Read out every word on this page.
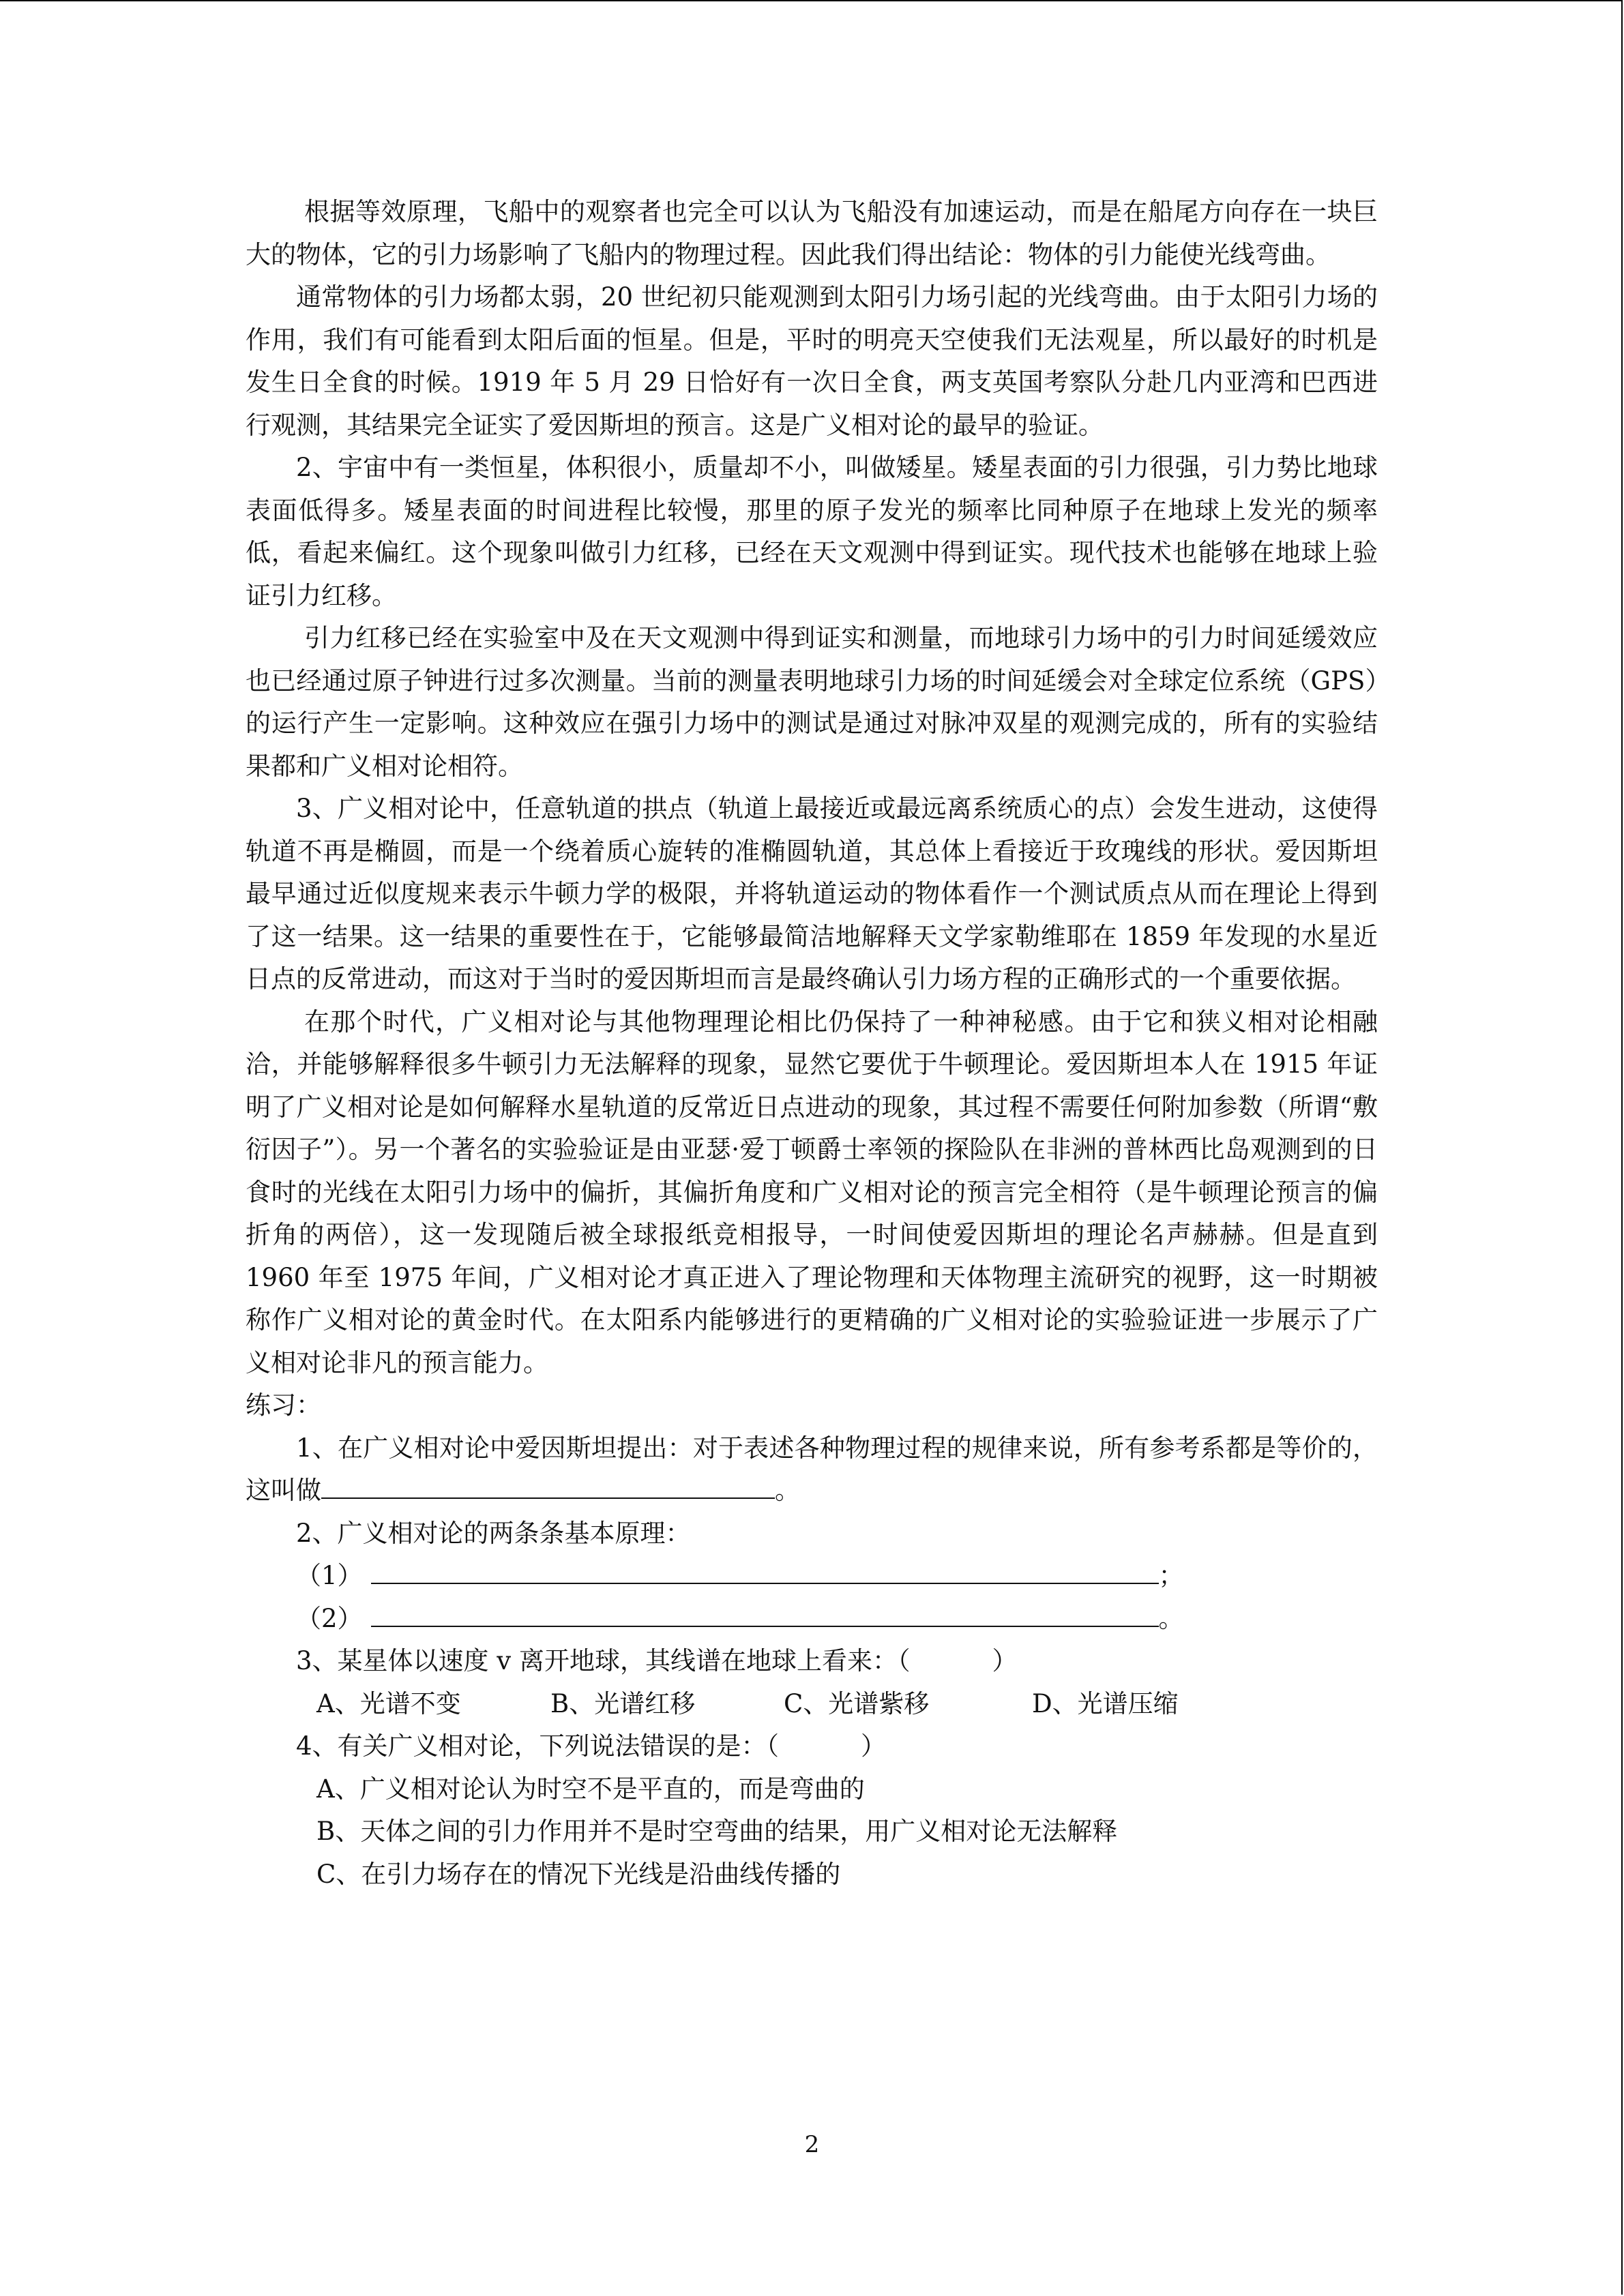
根据等效原理，飞船中的观察者也完全可以认为飞船没有加速运动，而是在船尾方向存在一块巨大的物体，它的引力场影响了飞船内的物理过程。因此我们得出结论：物体的引力能使光线弯曲。

通常物体的引力场都太弱，20 世纪初只能观测到太阳引力场引起的光线弯曲。由于太阳引力场的作用，我们有可能看到太阳后面的恒星。但是，平时的明亮天空使我们无法观星，所以最好的时机是发生日全食的时候。1919 年 5 月 29 日恰好有一次日全食，两支英国考察队分赴几内亚湾和巴西进行观测，其结果完全证实了爱因斯坦的预言。这是广义相对论的最早的验证。

2、宇宙中有一类恒星，体积很小，质量却不小，叫做矮星。矮星表面的引力很强，引力势比地球表面低得多。矮星表面的时间进程比较慢，那里的原子发光的频率比同种原子在地球上发光的频率低，看起来偏红。这个现象叫做引力红移，已经在天文观测中得到证实。现代技术也能够在地球上验证引力红移。

引力红移已经在实验室中及在天文观测中得到证实和测量，而地球引力场中的引力时间延缓效应也已经通过原子钟进行过多次测量。当前的测量表明地球引力场的时间延缓会对全球定位系统（GPS）的运行产生一定影响。这种效应在强引力场中的测试是通过对脉冲双星的观测完成的，所有的实验结果都和广义相对论相符。

3、广义相对论中，任意轨道的拱点（轨道上最接近或最远离系统质心的点）会发生进动，这使得轨道不再是椭圆，而是一个绕着质心旋转的准椭圆轨道，其总体上看接近于玫瑰线的形状。爱因斯坦最早通过近似度规来表示牛顿力学的极限，并将轨道运动的物体看作一个测试质点从而在理论上得到了这一结果。这一结果的重要性在于，它能够最简洁地解释天文学家勒维耶在 1859 年发现的水星近日点的反常进动，而这对于当时的爱因斯坦而言是最终确认引力场方程的正确形式的一个重要依据。

在那个时代，广义相对论与其他物理理论相比仍保持了一种神秘感。由于它和狭义相对论相融洽，并能够解释很多牛顿引力无法解释的现象，显然它要优于牛顿理论。爱因斯坦本人在 1915 年证明了广义相对论是如何解释水星轨道的反常近日点进动的现象，其过程不需要任何附加参数（所谓“敷衍因子”）。另一个著名的实验验证是由亚瑟·爱丁顿爵士率领的探险队在非洲的普林西比岛观测到的日食时的光线在太阳引力场中的偏折，其偏折角度和广义相对论的预言完全相符（是牛顿理论预言的偏折角的两倍），这一发现随后被全球报纸竞相报导，一时间使爱因斯坦的理论名声赫赫。但是直到 1960 年至 1975 年间，广义相对论才真正进入了理论物理和天体物理主流研究的视野，这一时期被称作广义相对论的黄金时代。在太阳系内能够进行的更精确的广义相对论的实验验证进一步展示了广义相对论非凡的预言能力。

练习：

1、在广义相对论中爱因斯坦提出：对于表述各种物理过程的规律来说，所有参考系都是等价的，这叫做	。

2、广义相对论的两条条基本原理：

（1）	；

（2）	。

3、某星体以速度 v 离开地球，其线谱在地球上看来：（	）

A、光谱不变	B、光谱红移	C、光谱紫移	D、光谱压缩

4、有关广义相对论，下列说法错误的是：（	）

A、广义相对论认为时空不是平直的，而是弯曲的

B、天体之间的引力作用并不是时空弯曲的结果，用广义相对论无法解释

C、在引力场存在的情况下光线是沿曲线传播的

2
